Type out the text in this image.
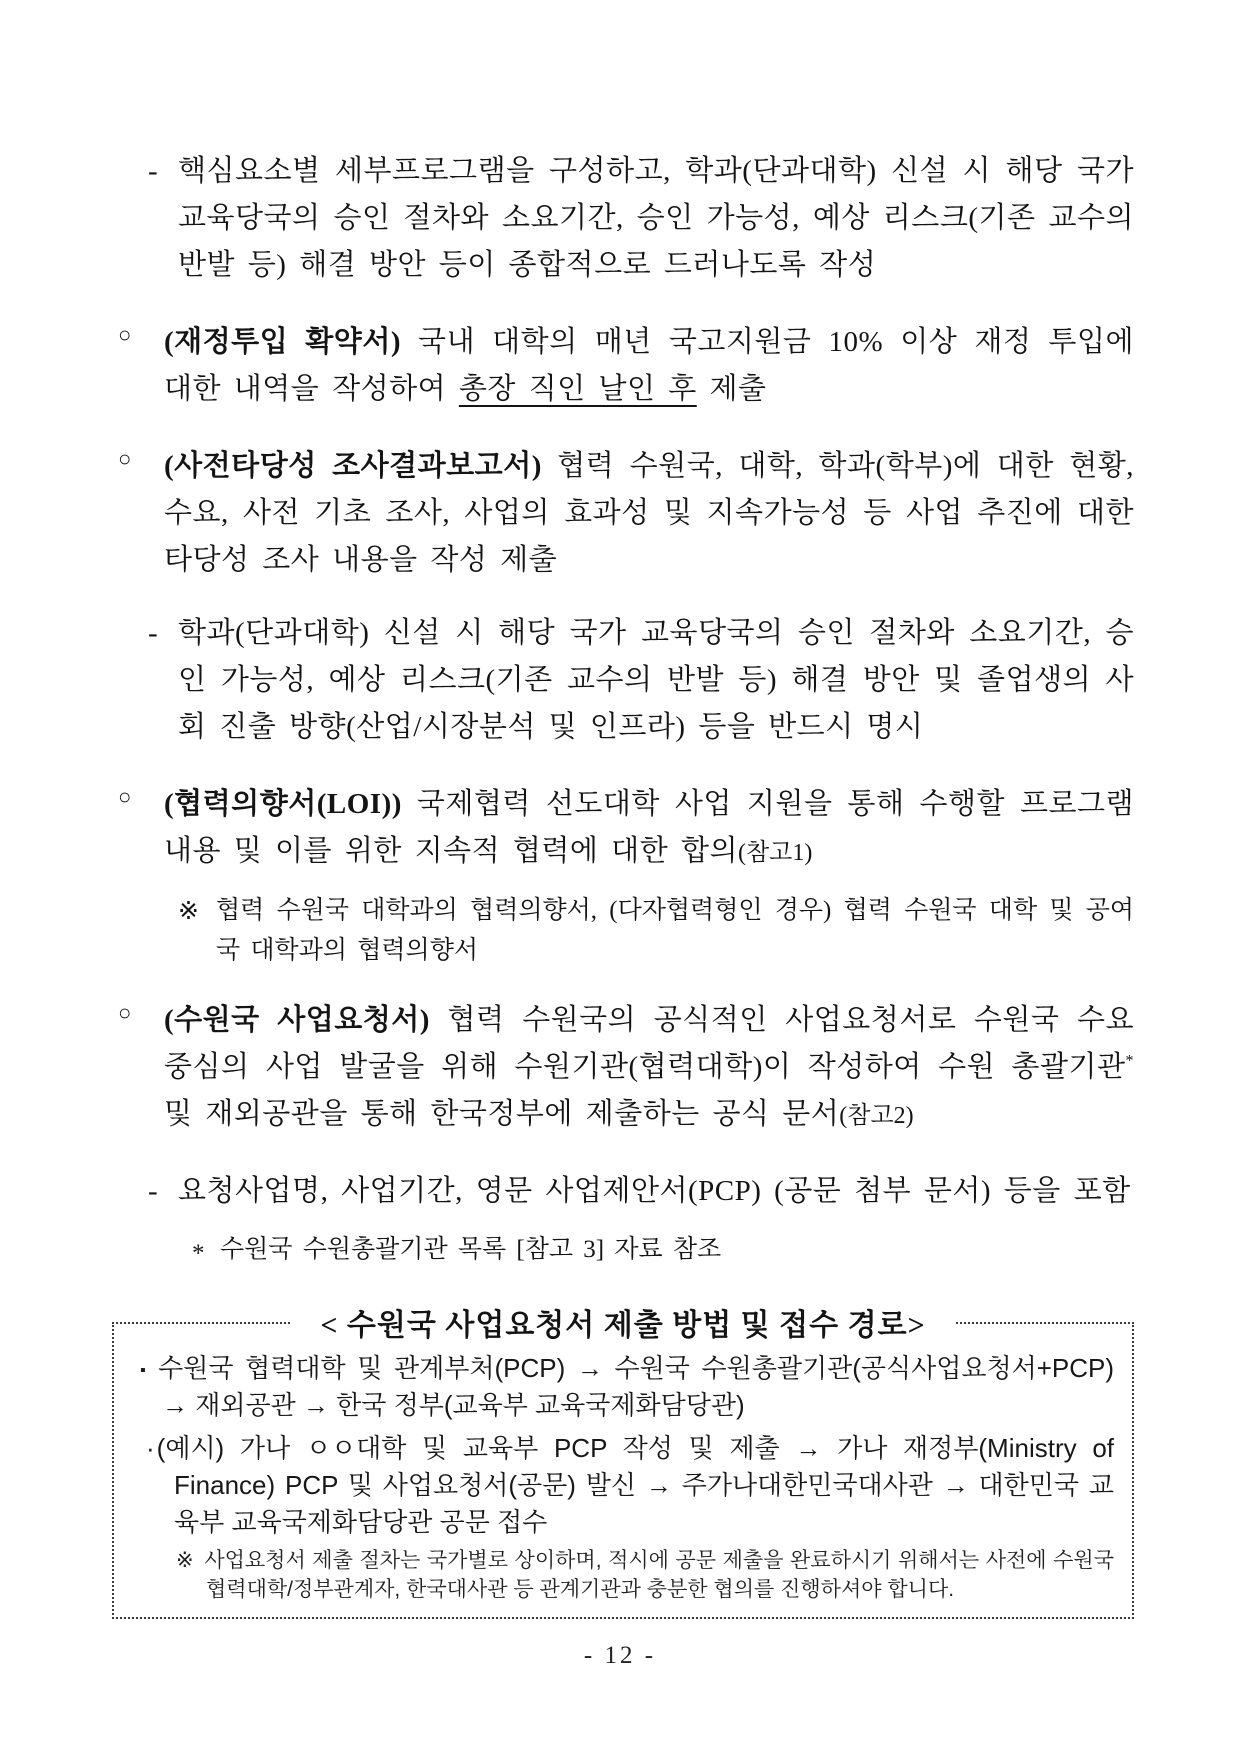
- 핵심요소별 세부프로그램을 구성하고, 학과(단과대학) 신설 시 해당 국가 교육당국의 승인 절차와 소요기간, 승인 가능성, 예상 리스크(기존 교수의 반발 등) 해결 방안 등이 종합적으로 드러나도록 작성
○ (재정투입 확약서) 국내 대학의 매년 국고지원금 10% 이상 재정 투입에 대한 내역을 작성하여 총장 직인 날인 후 제출
○ (사전타당성 조사결과보고서) 협력 수원국, 대학, 학과(학부)에 대한 현황, 수요, 사전 기초 조사, 사업의 효과성 및 지속가능성 등 사업 추진에 대한 타당성 조사 내용을 작성 제출
- 학과(단과대학) 신설 시 해당 국가 교육당국의 승인 절차와 소요기간, 승인 가능성, 예상 리스크(기존 교수의 반발 등) 해결 방안 및 졸업생의 사회 진출 방향(산업/시장분석 및 인프라) 등을 반드시 명시
○ (협력의향서(LOI)) 국제협력 선도대학 사업 지원을 통해 수행할 프로그램 내용 및 이를 위한 지속적 협력에 대한 합의(참고1)
※ 협력 수원국 대학과의 협력의향서, (다자협력형인 경우) 협력 수원국 대학 및 공여국 대학과의 협력의향서
○ (수원국 사업요청서) 협력 수원국의 공식적인 사업요청서로 수원국 수요 중심의 사업 발굴을 위해 수원기관(협력대학)이 작성하여 수원 총괄기관* 및 재외공관을 통해 한국정부에 제출하는 공식 문서(참고2)
- 요청사업명, 사업기간, 영문 사업제안서(PCP) (공문 첨부 문서) 등을 포함
* 수원국 수원총괄기관 목록 [참고 3] 자료 참조
< 수원국 사업요청서 제출 방법 및 접수 경로>
▪ 수원국 협력대학 및 관계부처(PCP) → 수원국 수원총괄기관(공식사업요청서+PCP) → 재외공관 → 한국 정부(교육부 교육국제화담당관)
·(예시) 가나 ㅇㅇ대학 및 교육부 PCP 작성 및 제출 → 가나 재정부(Ministry of Finance) PCP 및 사업요청서(공문) 발신 → 주가나대한민국대사관 → 대한민국 교육부 교육국제화담당관 공문 접수
※ 사업요청서 제출 절차는 국가별로 상이하며, 적시에 공문 제출을 완료하시기 위해서는 사전에 수원국 협력대학/정부관계자, 한국대사관 등 관계기관과 충분한 협의를 진행하셔야 합니다.
- 12 -
